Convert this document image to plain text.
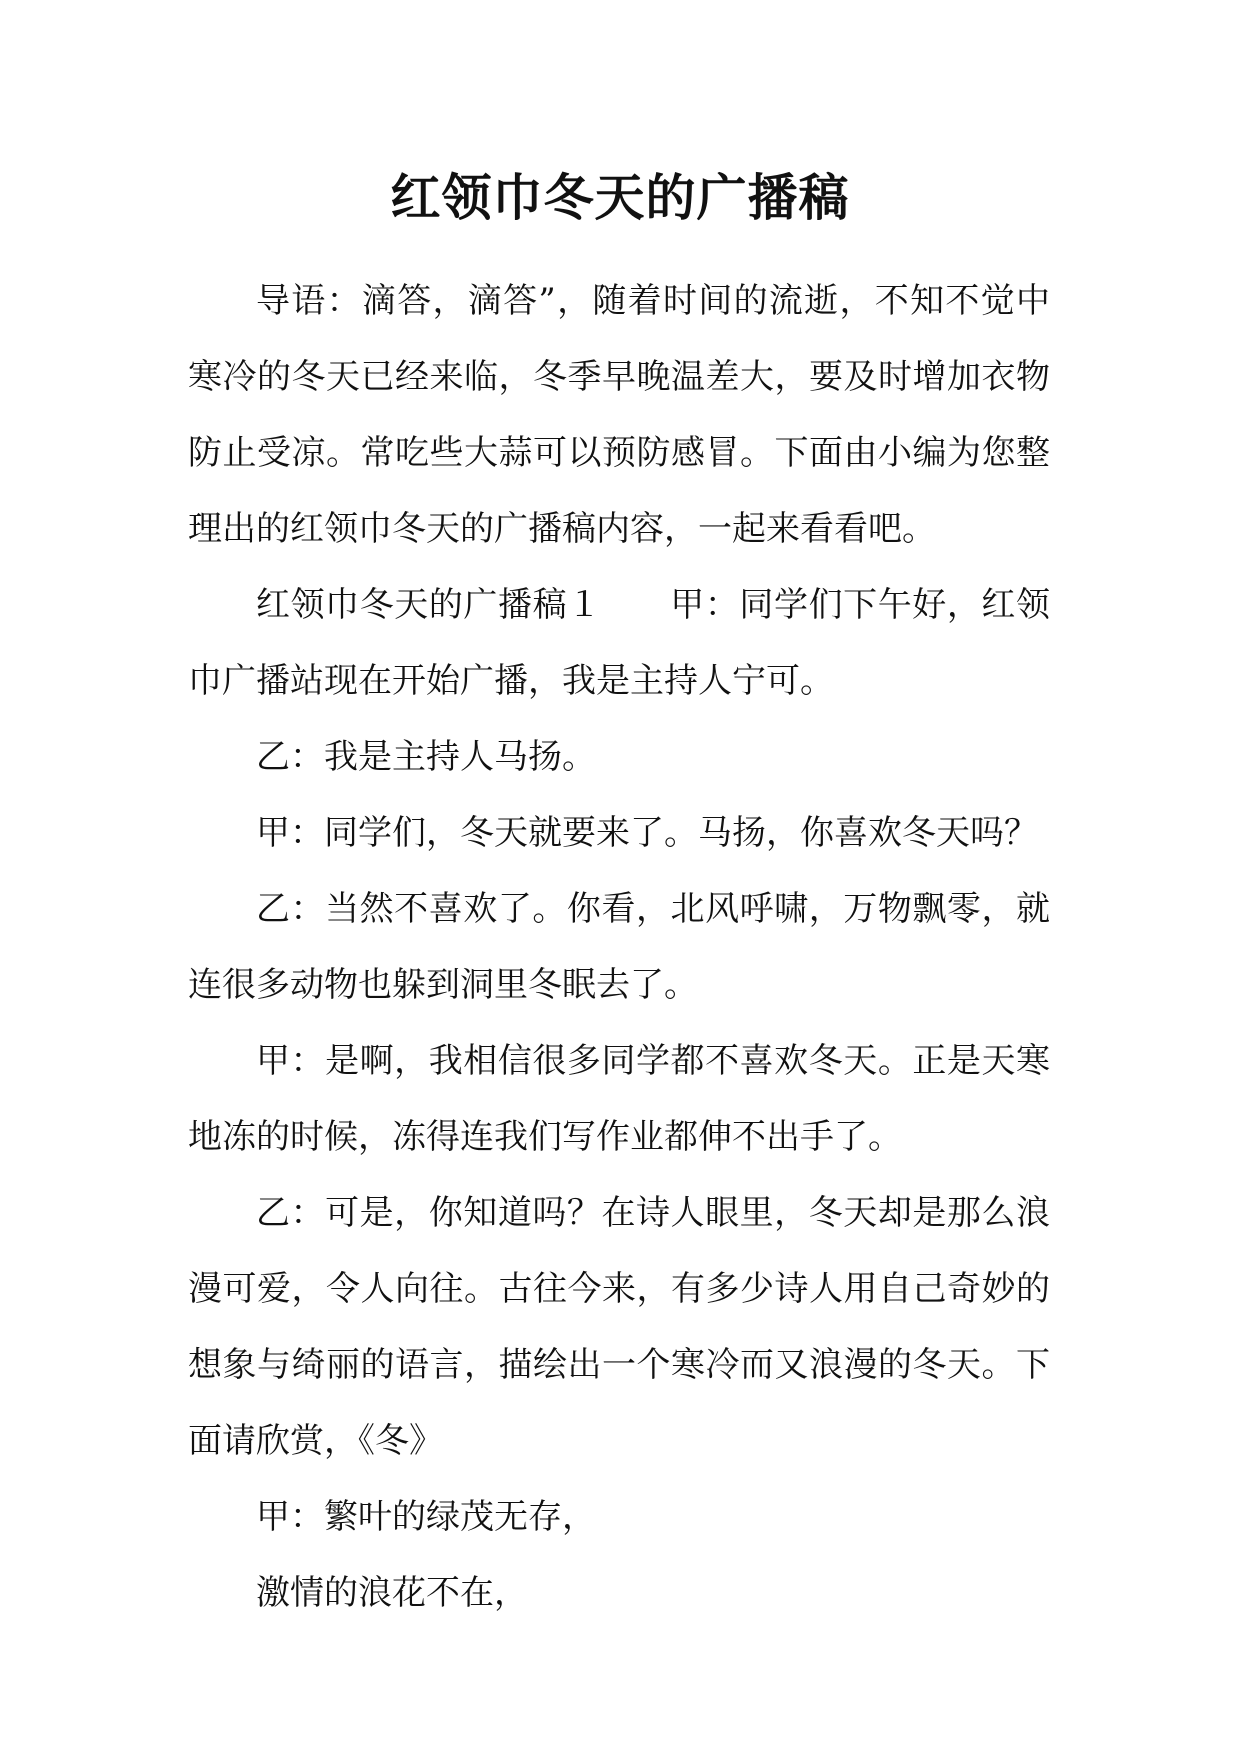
红领巾冬天的广播稿

导语：滴答，滴答”，随着时间的流逝，不知不觉中寒冷的冬天已经来临，冬季早晚温差大，要及时增加衣物防止受凉。常吃些大蒜可以预防感冒。下面由小编为您整理出的红领巾冬天的广播稿内容，一起来看看吧。

红领巾冬天的广播稿１ 甲：同学们下午好，红领巾广播站现在开始广播，我是主持人宁可。

乙：我是主持人马扬。

甲：同学们，冬天就要来了。马扬，你喜欢冬天吗？

乙：当然不喜欢了。你看，北风呼啸，万物飘零，就连很多动物也躲到洞里冬眠去了。

甲：是啊，我相信很多同学都不喜欢冬天。正是天寒地冻的时候，冻得连我们写作业都伸不出手了。

乙：可是，你知道吗？在诗人眼里，冬天却是那么浪漫可爱，令人向往。古往今来，有多少诗人用自己奇妙的想象与绮丽的语言，描绘出一个寒冷而又浪漫的冬天。下面请欣赏，《冬》

甲：繁叶的绿茂无存，

激情的浪花不在，
